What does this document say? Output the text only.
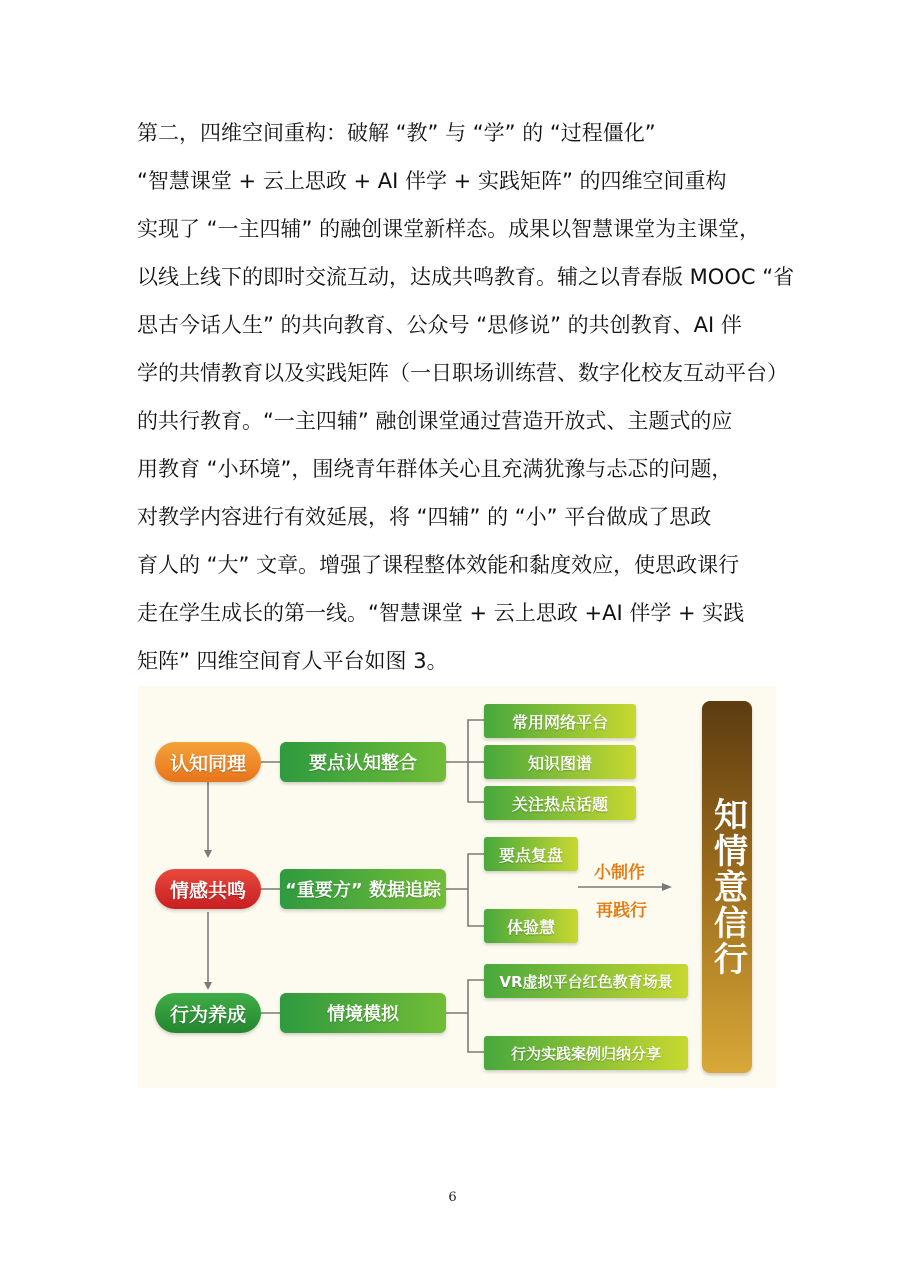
第二，四维空间重构：破解 “教” 与 “学” 的 “过程僵化”
“智慧课堂 + 云上思政 + AI 伴学 + 实践矩阵” 的四维空间重构
实现了 “一主四辅” 的融创课堂新样态。成果以智慧课堂为主课堂，
以线上线下的即时交流互动，达成共鸣教育。辅之以青春版 MOOC “省
思古今话人生” 的共向教育、公众号 “思修说” 的共创教育、AI 伴
学的共情教育以及实践矩阵（一日职场训练营、数字化校友互动平台）
的共行教育。“一主四辅” 融创课堂通过营造开放式、主题式的应
用教育 “小环境”，围绕青年群体关心且充满犹豫与忐忑的问题，
对教学内容进行有效延展，将 “四辅” 的 “小” 平台做成了思政
育人的 “大” 文章。增强了课程整体效能和黏度效应，使思政课行
走在学生成长的第一线。“智慧课堂 + 云上思政 +AI 伴学 + 实践
矩阵” 四维空间育人平台如图 3。
认知同理
情感共鸣
行为养成
要点认知整合
“重要方” 数据追踪
情境模拟
常用网络平台
知识图谱
关注热点话题
要点复盘
体验慧
VR虚拟平台红色教育场景
行为实践案例归纳分享
小制作
再践行 知情意信行
6
